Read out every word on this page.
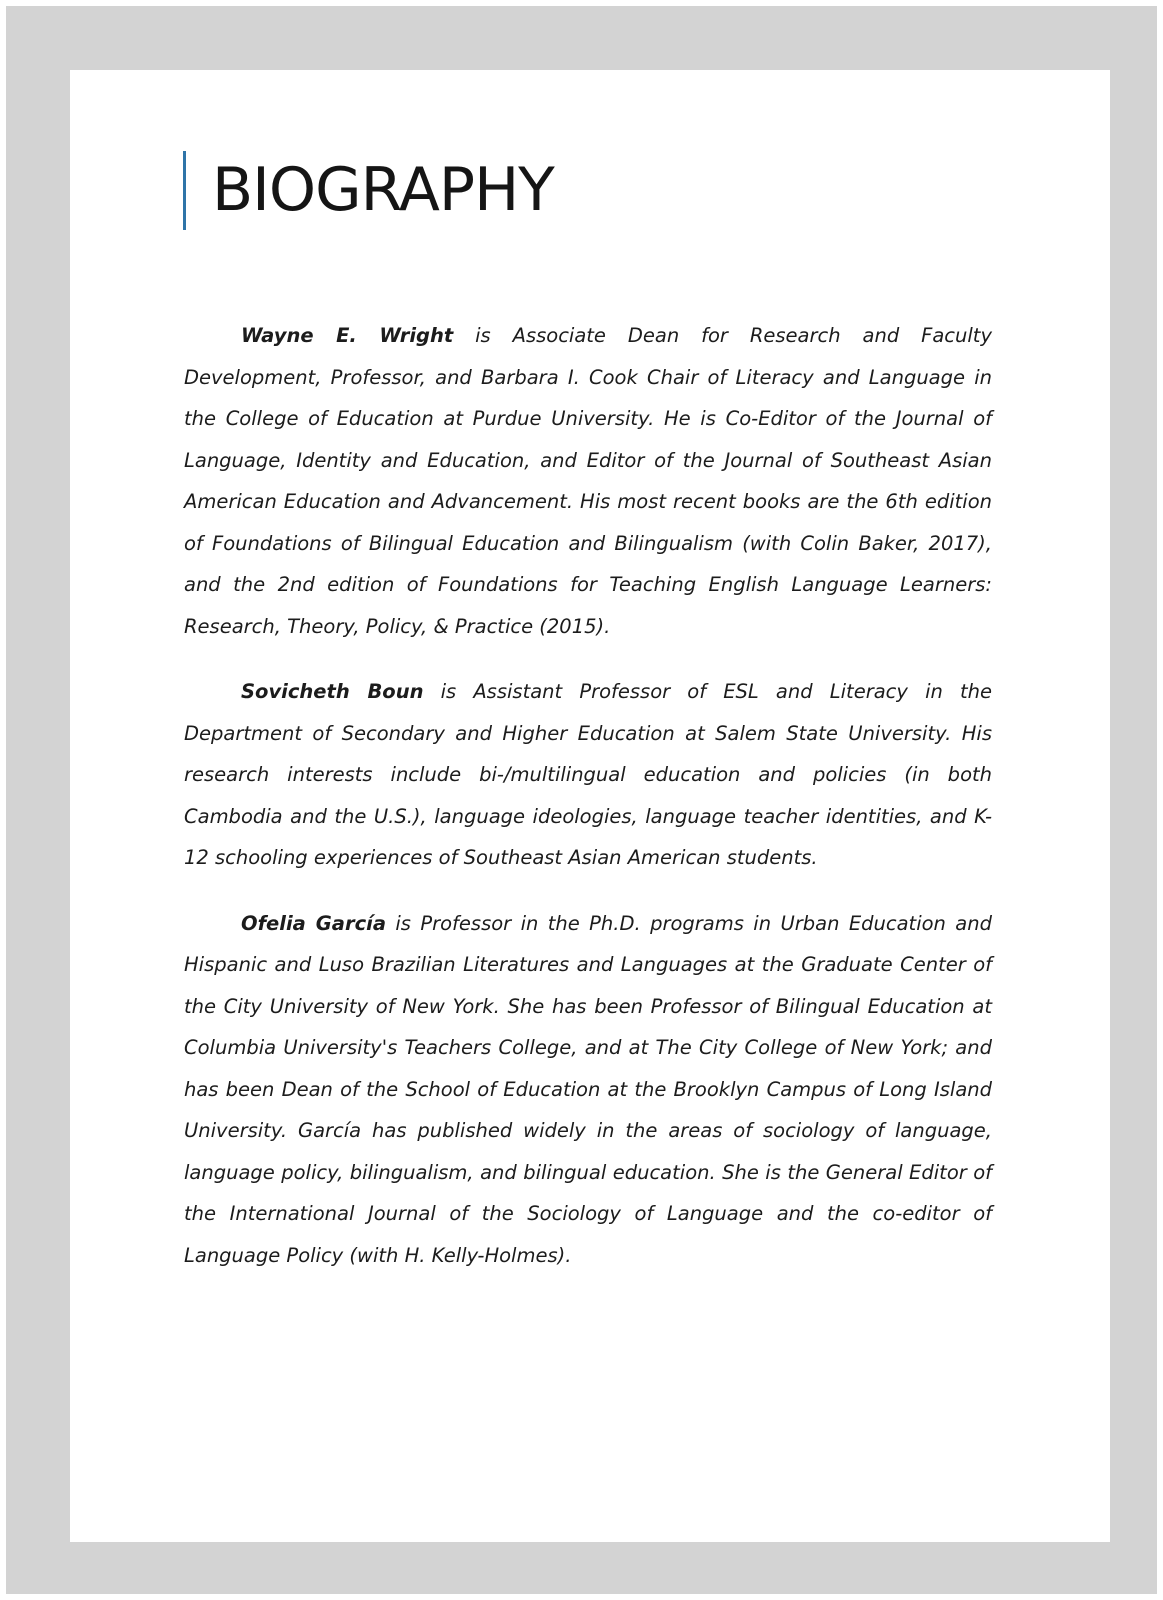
BIOGRAPHY

Wayne E. Wright is Associate Dean for Research and Faculty Development, Professor, and Barbara I. Cook Chair of Literacy and Language in the College of Education at Purdue University. He is Co-Editor of the Journal of Language, Identity and Education, and Editor of the Journal of Southeast Asian American Education and Advancement. His most recent books are the 6th edition of Foundations of Bilingual Education and Bilingualism (with Colin Baker, 2017), and the 2nd edition of Foundations for Teaching English Language Learners: Research, Theory, Policy, & Practice (2015).

Sovicheth Boun is Assistant Professor of ESL and Literacy in the Department of Secondary and Higher Education at Salem State University. His research interests include bi-/multilingual education and policies (in both Cambodia and the U.S.), language ideologies, language teacher identities, and K-12 schooling experiences of Southeast Asian American students.

Ofelia García is Professor in the Ph.D. programs in Urban Education and Hispanic and Luso Brazilian Literatures and Languages at the Graduate Center of the City University of New York. She has been Professor of Bilingual Education at Columbia University's Teachers College, and at The City College of New York; and has been Dean of the School of Education at the Brooklyn Campus of Long Island University. García has published widely in the areas of sociology of language, language policy, bilingualism, and bilingual education. She is the General Editor of the International Journal of the Sociology of Language and the co-editor of Language Policy (with H. Kelly-Holmes).
